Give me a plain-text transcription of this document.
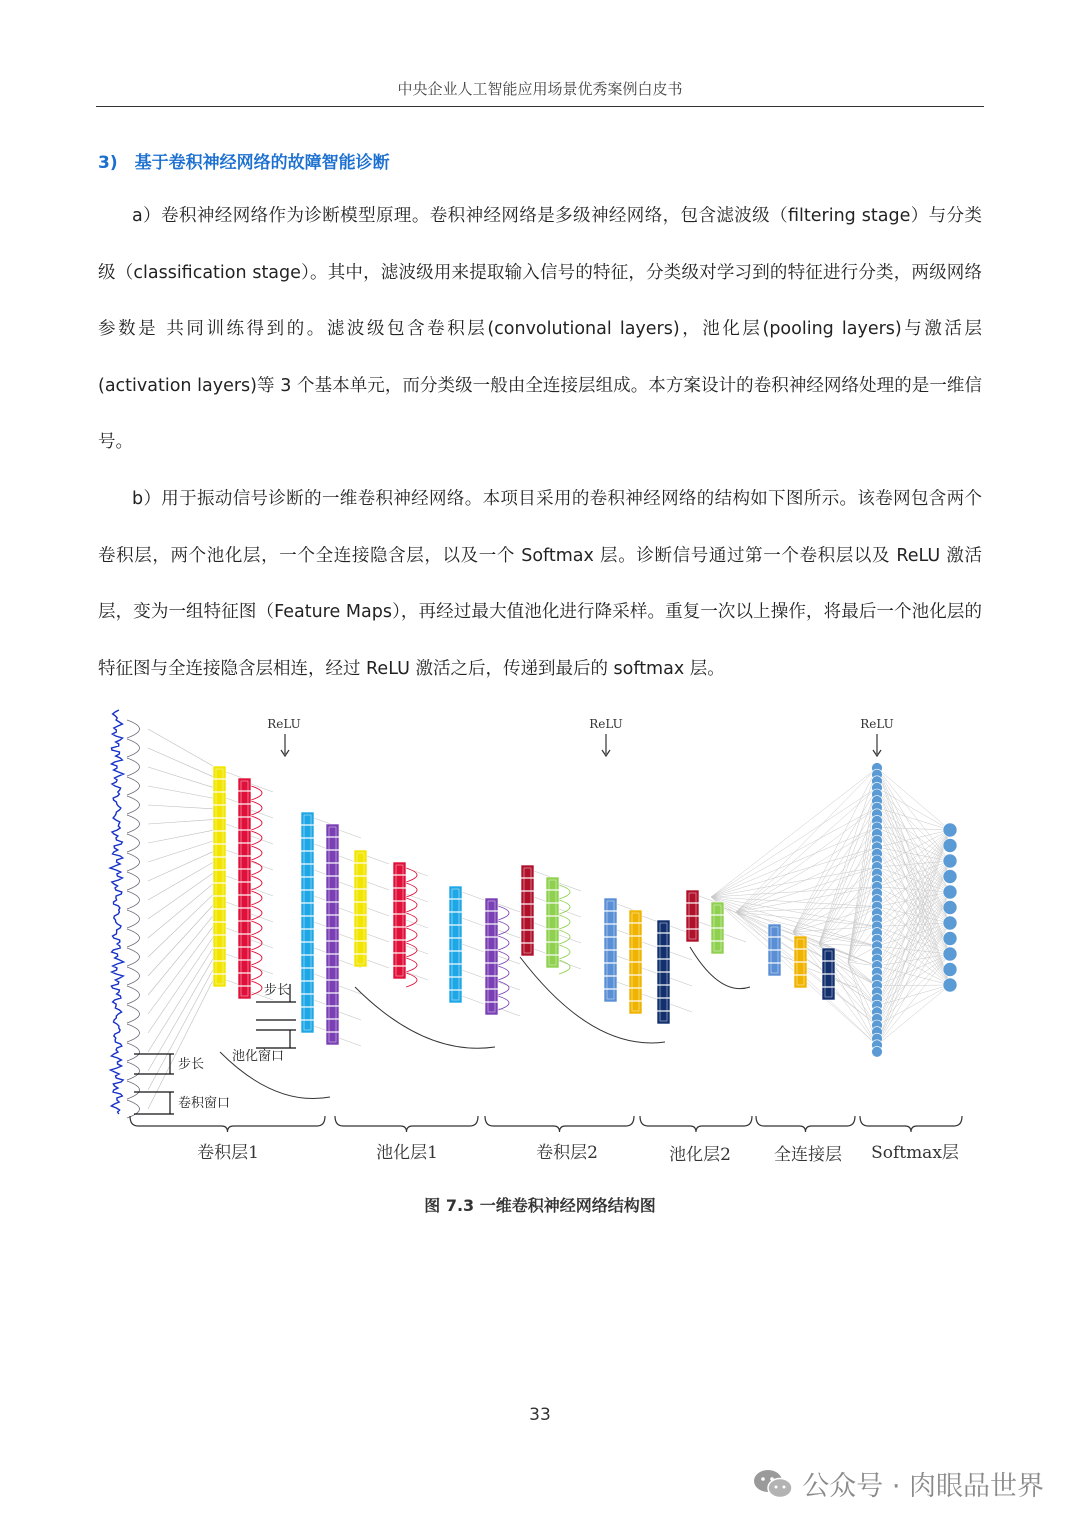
中央企业人工智能应用场景优秀案例白皮书
3)　基于卷积神经网络的故障智能诊断
a）卷积神经网络作为诊断模型原理。卷积神经网络是多级神经网络，包含滤波级（filtering stage）与分类级（classification stage）。其中，滤波级用来提取输入信号的特征，分类级对学习到的特征进行分类，两级网络参数是 共同训练得到的。滤波级包含卷积层(convolutional layers)，池化层(pooling layers)与激活层(activation layers)等 3 个基本单元，而分类级一般由全连接层组成。本方案设计的卷积神经网络处理的是一维信号。
b）用于振动信号诊断的一维卷积神经网络。本项目采用的卷积神经网络的结构如下图所示。该卷网包含两个卷积层，两个池化层，一个全连接隐含层，以及一个 Softmax 层。诊断信号通过第一个卷积层以及 ReLU 激活层，变为一组特征图（Feature Maps），再经过最大值池化进行降采样。重复一次以上操作，将最后一个池化层的特征图与全连接隐含层相连，经过 ReLU 激活之后，传递到最后的 softmax 层。
ReLU	ReLU	ReLU
步长
卷积窗口
步长
池化窗口
卷积层1	池化层1	卷积层2	池化层2	全连接层 Softmax层
图 7.3 一维卷积神经网络结构图
33
公众号 · 肉眼品世界
